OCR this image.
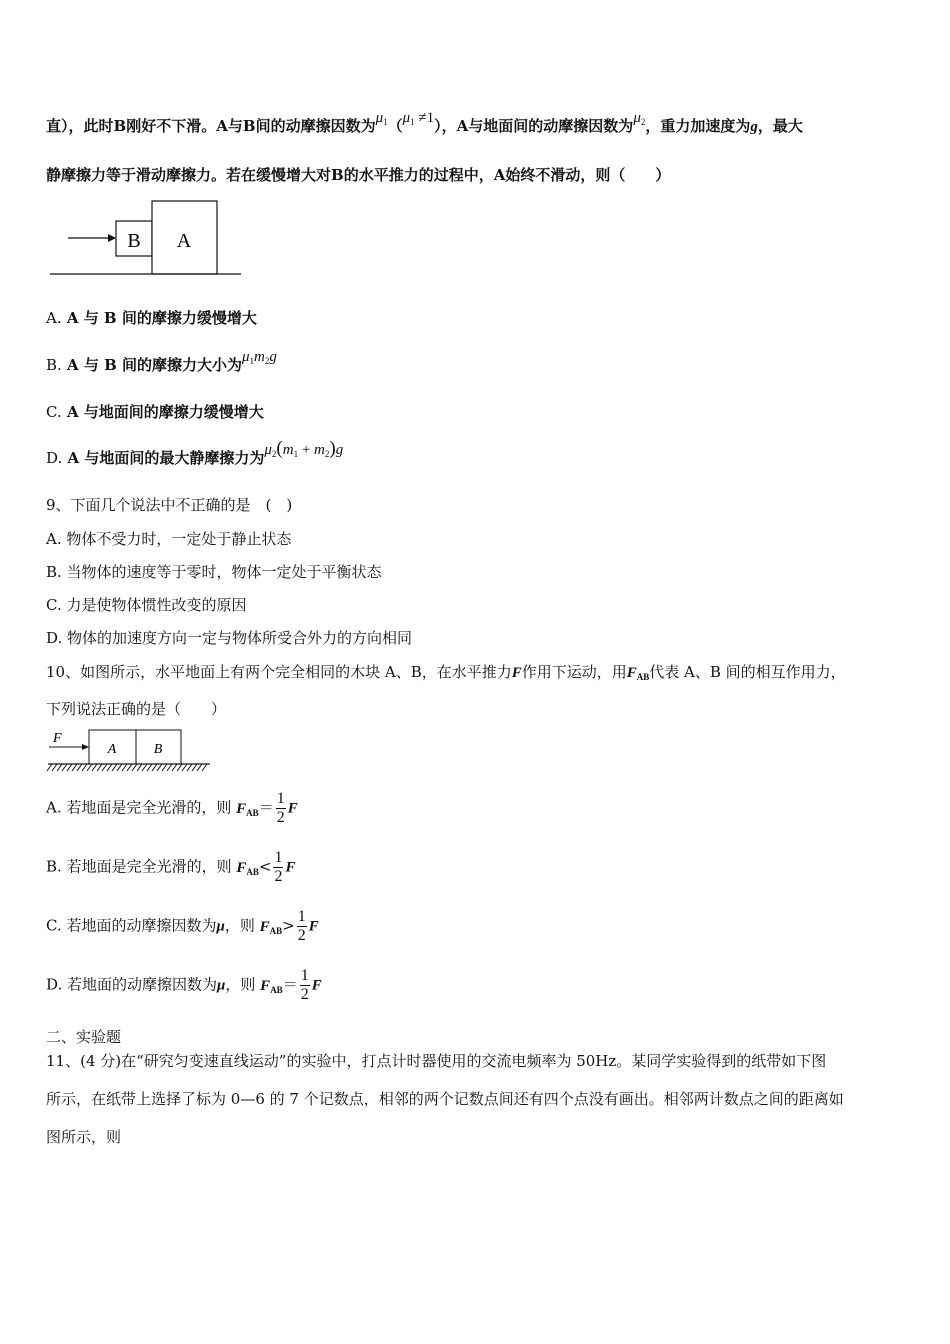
直），此时B刚好不下滑。A与B间的动摩擦因数为$\mu_1(\mu_1 \ne 1)$，A与地面间的动摩擦因数为$\mu_2$，重力加速度为g，最大
静摩擦力等于滑动摩擦力。若在缓慢增大对B的水平推力的过程中，A始终不滑动，则（　　）
B A
A. A 与 B 间的摩擦力缓慢增大
B. A 与 B 间的摩擦力大小为$\mu_1m_2g$
C. A 与地面间的摩擦力缓慢增大
D. A 与地面间的最大静摩擦力为$\mu_2(m_1 + m_2)g$
9、下面几个说法中不正确的是　(　)
A. 物体不受力时，一定处于静止状态
B. 当物体的速度等于零时，物体一定处于平衡状态
C. 力是使物体惯性改变的原因
D. 物体的加速度方向一定与物体所受合外力的方向相同
10、如图所示，水平地面上有两个完全相同的木块 A、B，在水平推力F作用下运动，用$F_{AB}$代表 A、B 间的相互作用力，
下列说法正确的是（　　）
F
A	B
A. 若地面是完全光滑的，则 $F_{AB}= \frac{1}{2}$ F
B. 若地面是完全光滑的，则 $F_{AB}< \frac{1}{2}$ F
C. 若地面的动摩擦因数为μ，则 $F_{AB}> \frac{1}{2}$ F
D. 若地面的动摩擦因数为μ，则 $F_{AB}= \frac{1}{2}$ F
二、实验题
11、(4 分)在“研究匀变速直线运动”的实验中，打点计时器使用的交流电频率为 50Hz。某同学实验得到的纸带如下图
所示，在纸带上选择了标为 0—6 的 7 个记数点，相邻的两个记数点间还有四个点没有画出。相邻两计数点之间的距离如
图所示，则
